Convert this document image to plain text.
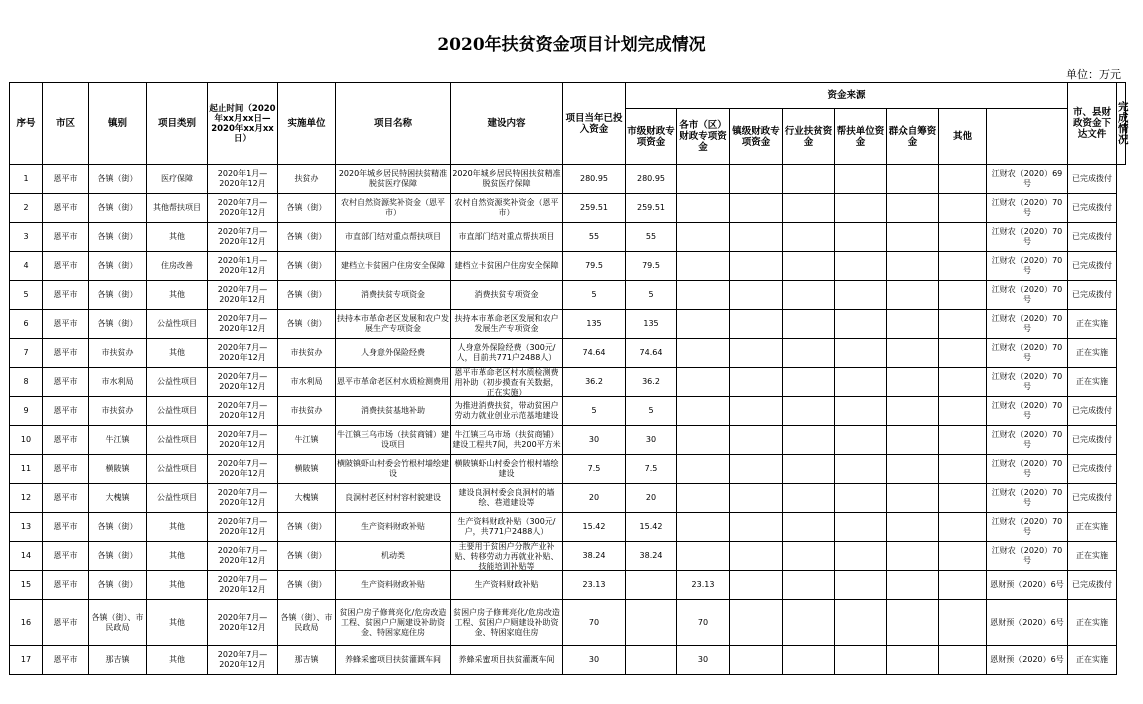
2020年扶贫资金项目计划完成情况
单位：万元
序号	市区	镇别	项目类别	起止时间（2020年xx月xx日—2020年xx月xx日）	实施单位	项目名称	建设内容	项目当年已投入资金	资金来源								市、县财政资金下达文件	完成情况
									市级财政专项资金	各市（区）财政专项资金	镇级财政专项资金	行业扶贫资金	帮扶单位资金	群众自筹资金	其他			

1	恩平市	各镇（街）	医疗保障	2020年1月—2020年12月	扶贫办	2020年城乡居民特困扶贫精准脱贫医疗保障	2020年城乡居民特困扶贫精准脱贫医疗保障	280.95	280.95							江财农（2020）69号	已完成拨付	

2	恩平市	各镇（街）	其他帮扶项目	2020年7月—2020年12月	各镇（街）	农村自然资源奖补资金（恩平市）	农村自然资源奖补资金（恩平市）	259.51	259.51							江财农（2020）70号	已完成拨付	

3	恩平市	各镇（街）	其他	2020年7月—2020年12月	各镇（街）	市直部门结对重点帮扶项目	市直部门结对重点帮扶项目	55	55							江财农（2020）70号	已完成拨付	

4	恩平市	各镇（街）	住房改善	2020年1月—2020年12月	各镇（街）	建档立卡贫困户住房安全保障	建档立卡贫困户住房安全保障	79.5	79.5							江财农（2020）70号	已完成拨付	

5	恩平市	各镇（街）	其他	2020年7月—2020年12月	各镇（街）	消费扶贫专项资金	消费扶贫专项资金	5	5							江财农（2020）70号	已完成拨付	

6	恩平市	各镇（街）	公益性项目	2020年7月—2020年12月	各镇（街）	扶持本市革命老区发展和农户发展生产专项资金	扶持本市革命老区发展和农户发展生产专项资金	135	135							江财农（2020）70号	正在实施	

7	恩平市	市扶贫办	其他	2020年7月—2020年12月	市扶贫办	人身意外保险经费	人身意外保险经费（300元/人，目前共771户2488人）	74.64	74.64							江财农（2020）70号	正在实施	

8	恩平市	市水利局	公益性项目	2020年7月—2020年12月	市水利局	恩平市革命老区村水质检测费用	恩平市革命老区村水质检测费用补助（初步摸查有关数据，正在实施）	36.2	36.2							江财农（2020）70号	正在实施	

9	恩平市	市扶贫办	公益性项目	2020年7月—2020年12月	市扶贫办	消费扶贫基地补助	为推进消费扶贫，带动贫困户劳动力就业创业示范基地建设	5	5							江财农（2020）70号	已完成拨付	

10	恩平市	牛江镇	公益性项目	2020年7月—2020年12月	牛江镇	牛江镇三乌市场（扶贫商铺）建设项目	牛江镇三乌市场（扶贫商铺）建设工程共7间，共200平方米	30	30							江财农（2020）70号	已完成拨付	

11	恩平市	横陂镇	公益性项目	2020年7月—2020年12月	横陂镇	横陂镇虾山村委会竹根村墙绘建设	横陂镇虾山村委会竹根村墙绘建设	7.5	7.5							江财农（2020）70号	已完成拨付	

12	恩平市	大槐镇	公益性项目	2020年7月—2020年12月	大槐镇	良洞村老区村村容村貌建设	建设良洞村委会良洞村的墙绘、巷道建设等	20	20							江财农（2020）70号	已完成拨付	

13	恩平市	各镇（街）	其他	2020年7月—2020年12月	各镇（街）	生产资料财政补贴	生产资料财政补贴（300元/户，共771户2488人）	15.42	15.42							江财农（2020）70号	正在实施	

14	恩平市	各镇（街）	其他	2020年7月—2020年12月	各镇（街）	机动类	主要用于贫困户分散产业补贴、转移劳动力再就业补贴、技能培训补贴等	38.24	38.24							江财农（2020）70号	正在实施	

15	恩平市	各镇（街）	其他	2020年7月—2020年12月	各镇（街）	生产资料财政补贴	生产资料财政补贴	23.13		23.13						恩财预（2020）6号	已完成拨付	

16	恩平市	各镇（街）、市民政局	其他	2020年7月—2020年12月	各镇（街）、市民政局	贫困户房子修葺亮化/危房改造工程、贫困户户厕建设补助资金、特困家庭住房	贫困户房子修葺亮化/危房改造工程、贫困户户厕建设补助资金、特困家庭住房	70		70						恩财预（2020）6号	正在实施	

17	恩平市	那吉镇	其他	2020年7月—2020年12月	那吉镇	养蜂采蜜项目扶贫灌溉车间	养蜂采蜜项目扶贫灌溉车间	30		30						恩财预（2020）6号	正在实施	
